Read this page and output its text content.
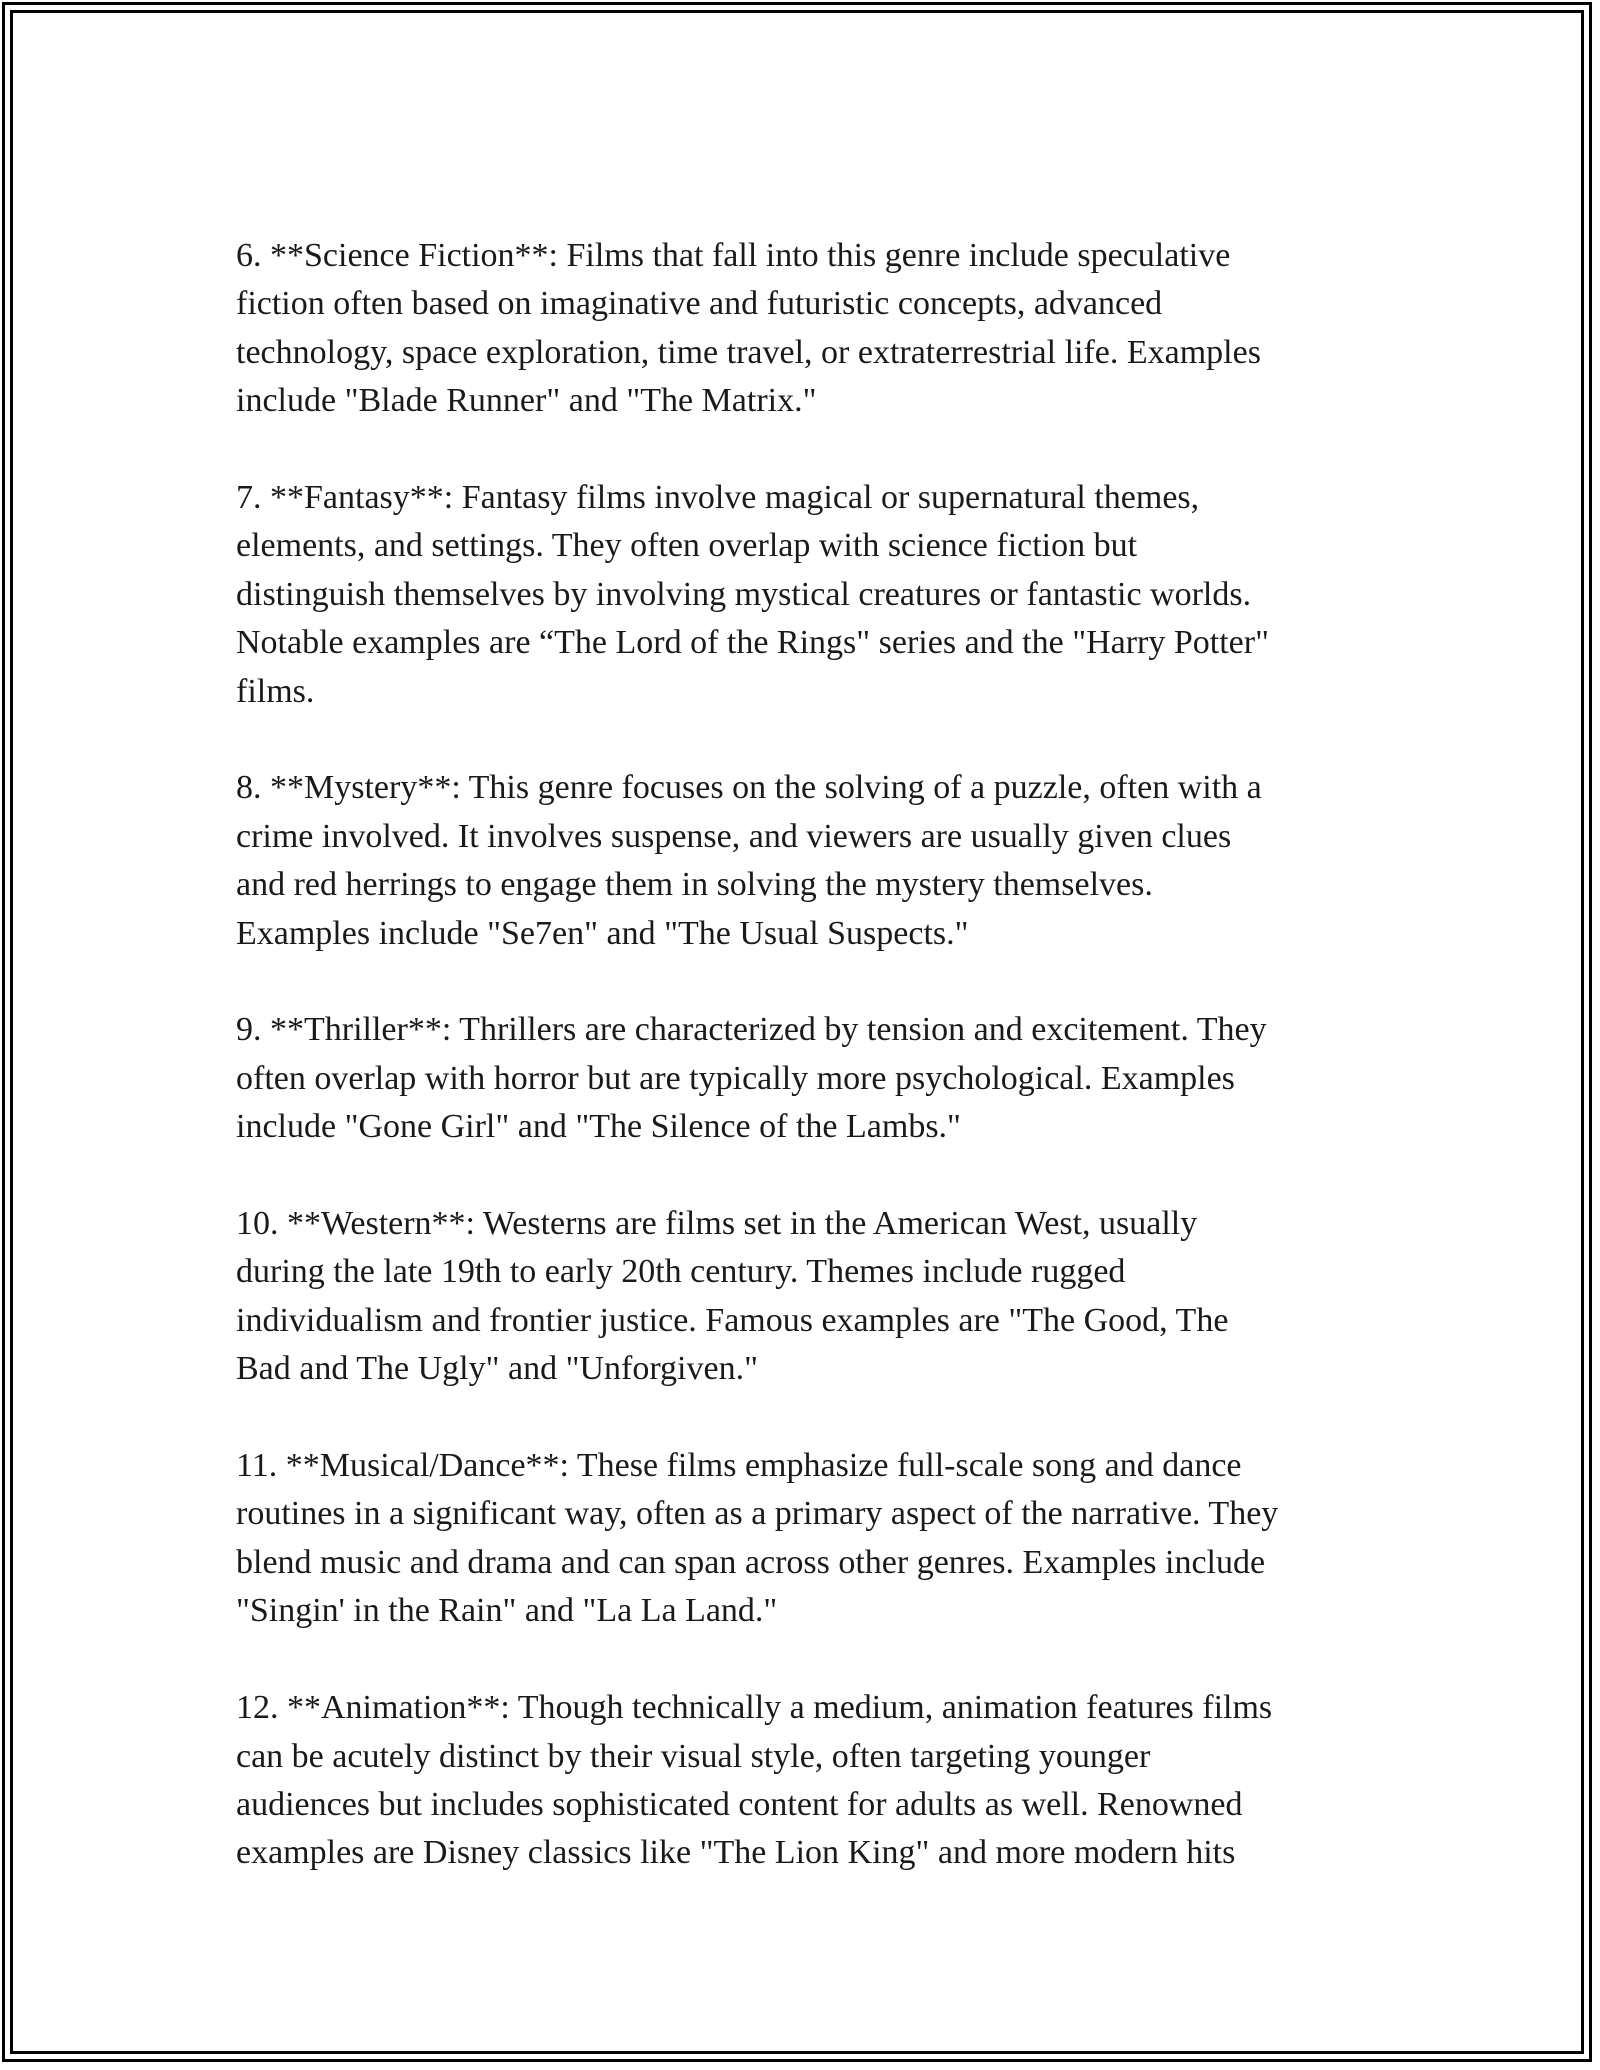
6. **Science Fiction**: Films that fall into this genre include speculative
fiction often based on imaginative and futuristic concepts, advanced
technology, space exploration, time travel, or extraterrestrial life. Examples
include "Blade Runner" and "The Matrix."

7. **Fantasy**: Fantasy films involve magical or supernatural themes,
elements, and settings. They often overlap with science fiction but
distinguish themselves by involving mystical creatures or fantastic worlds.
Notable examples are “The Lord of the Rings" series and the "Harry Potter"
films.

8. **Mystery**: This genre focuses on the solving of a puzzle, often with a
crime involved. It involves suspense, and viewers are usually given clues
and red herrings to engage them in solving the mystery themselves.
Examples include "Se7en" and "The Usual Suspects."

9. **Thriller**: Thrillers are characterized by tension and excitement. They
often overlap with horror but are typically more psychological. Examples
include "Gone Girl" and "The Silence of the Lambs."

10. **Western**: Westerns are films set in the American West, usually
during the late 19th to early 20th century. Themes include rugged
individualism and frontier justice. Famous examples are "The Good, The
Bad and The Ugly" and "Unforgiven."

11. **Musical/Dance**: These films emphasize full-scale song and dance
routines in a significant way, often as a primary aspect of the narrative. They
blend music and drama and can span across other genres. Examples include
"Singin' in the Rain" and "La La Land."

12. **Animation**: Though technically a medium, animation features films
can be acutely distinct by their visual style, often targeting younger
audiences but includes sophisticated content for adults as well. Renowned
examples are Disney classics like "The Lion King" and more modern hits
